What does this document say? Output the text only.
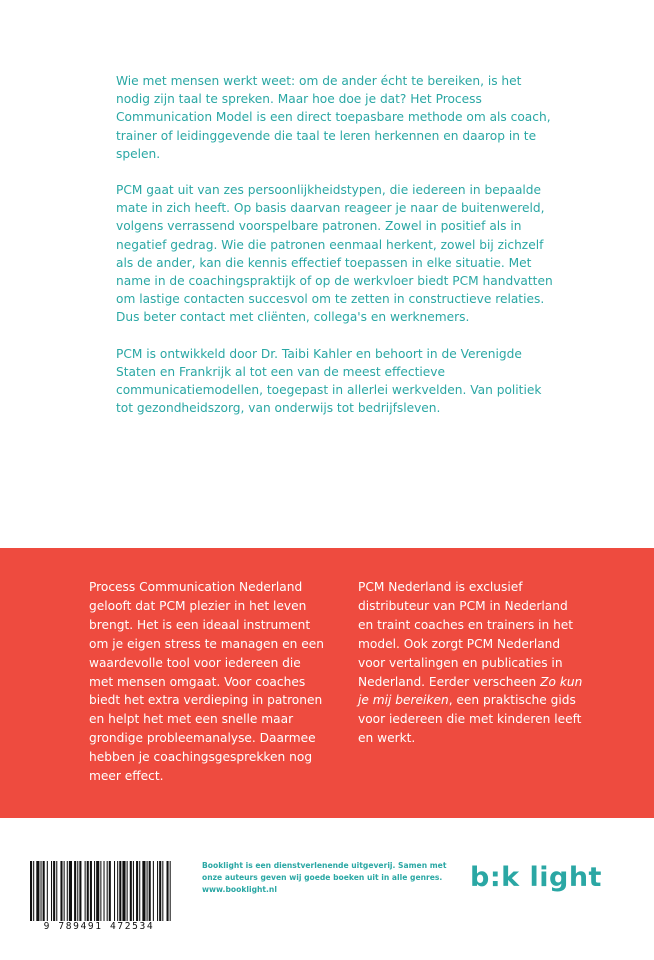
Wie met mensen werkt weet: om de ander écht te bereiken, is het nodig zijn taal te spreken. Maar hoe doe je dat? Het Process Communication Model is een direct toepasbare methode om als coach, trainer of leidinggevende die taal te leren herkennen en daarop in te spelen.

PCM gaat uit van zes persoonlijkheidstypen, die iedereen in bepaalde mate in zich heeft. Op basis daarvan reageer je naar de buitenwereld, volgens verrassend voorspelbare patronen. Zowel in positief als in negatief gedrag. Wie die patronen eenmaal herkent, zowel bij zichzelf als de ander, kan die kennis effectief toepassen in elke situatie. Met name in de coachingspraktijk of op de werkvloer biedt PCM handvatten om lastige contacten succesvol om te zetten in constructieve relaties. Dus beter contact met cliënten, collega's en werknemers.

PCM is ontwikkeld door Dr. Taibi Kahler en behoort in de Verenigde Staten en Frankrijk al tot een van de meest effectieve communicatiemodellen, toegepast in allerlei werkvelden. Van politiek tot gezondheidszorg, van onderwijs tot bedrijfsleven.

Process Communication Nederland gelooft dat PCM plezier in het leven brengt. Het is een ideaal instrument om je eigen stress te managen en een waardevolle tool voor iedereen die met mensen omgaat. Voor coaches biedt het extra verdieping in patronen en helpt het met een snelle maar grondige probleemanalyse. Daarmee hebben je coachingsgesprekken nog meer effect.

PCM Nederland is exclusief distributeur van PCM in Nederland en traint coaches en trainers in het model. Ook zorgt PCM Nederland voor vertalingen en publicaties in Nederland. Eerder verscheen Zo kun je mij bereiken, een praktische gids voor iedereen die met kinderen leeft en werkt.

9 789491 472534
Booklight is een dienstverlenende uitgeverij. Samen met
onze auteurs geven wij goede boeken uit in alle genres.
www.booklight.nl	b:k light
